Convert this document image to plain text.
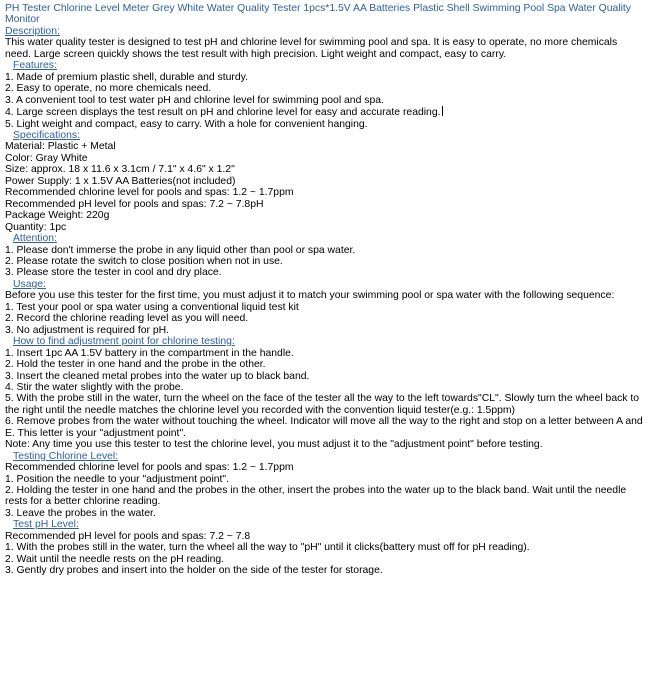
PH Tester Chlorine Level Meter Grey White Water Quality Tester 1pcs*1.5V AA Batteries Plastic Shell Swimming Pool Spa Water Quality Monitor

Description:

This water quality tester is designed to test pH and chlorine level for swimming pool and spa. It is easy to operate, no more chemicals need. Large screen quickly shows the test result with high precision. Light weight and compact, easy to carry.

Features:

1. Made of premium plastic shell, durable and sturdy.

2. Easy to operate, no more chemicals need.

3. A convenient tool to test water pH and chlorine level for swimming pool and spa.

4. Large screen displays the test result on pH and chlorine level for easy and accurate reading.

5. Light weight and compact, easy to carry. With a hole for convenient hanging.

Specifications:

Material: Plastic + Metal

Color: Gray White

Size: approx. 18 x 11.6 x 3.1cm / 7.1" x 4.6" x 1.2"

Power Supply: 1 x 1.5V AA Batteries(not included)

Recommended chlorine level for pools and spas: 1.2 ~ 1.7ppm

Recommended pH level for pools and spas: 7.2 ~ 7.8pH

Package Weight: 220g

Quantity: 1pc

Attention:

1. Please don't immerse the probe in any liquid other than pool or spa water.

2. Please rotate the switch to close position when not in use.

3. Please store the tester in cool and dry place.

Usage:

Before you use this tester for the first time, you must adjust it to match your swimming pool or spa water with the following sequence:

1. Test your pool or spa water using a conventional liquid test kit

2. Record the chlorine reading level as you will need.

3. No adjustment is required for pH.

How to find adjustment point for chlorine testing:

1. Insert 1pc AA 1.5V battery in the compartment in the handle.

2. Hold the tester in one hand and the probe in the other.

3. Insert the cleaned metal probes into the water up to black band.

4. Stir the water slightly with the probe.

5. With the probe still in the water, turn the wheel on the face of the tester all the way to the left towards"CL". Slowly turn the wheel back to the right until the needle matches the chlorine level you recorded with the convention liquid tester(e.g.: 1.5ppm)

6. Remove probes from the water without touching the wheel. Indicator will move all the way to the right and stop on a letter between A and E. This letter is your "adjustment point".

Note: Any time you use this tester to test the chlorine level, you must adjust it to the "adjustment point" before testing.

Testing Chlorine Level:

Recommended chlorine level for pools and spas: 1.2 ~ 1.7ppm

1. Position the needle to your "adjustment point".

2. Holding the tester in one hand and the probes in the other, insert the probes into the water up to the black band. Wait until the needle rests for a better chlorine reading.

3. Leave the probes in the water.

Test pH Level:

Recommended pH level for pools and spas: 7.2 ~ 7.8

1. With the probes still in the water, turn the wheel all the way to "pH" until it clicks(battery must off for pH reading).

2. Wait until the needle rests on the pH reading.

3. Gently dry probes and insert into the holder on the side of the tester for storage.
